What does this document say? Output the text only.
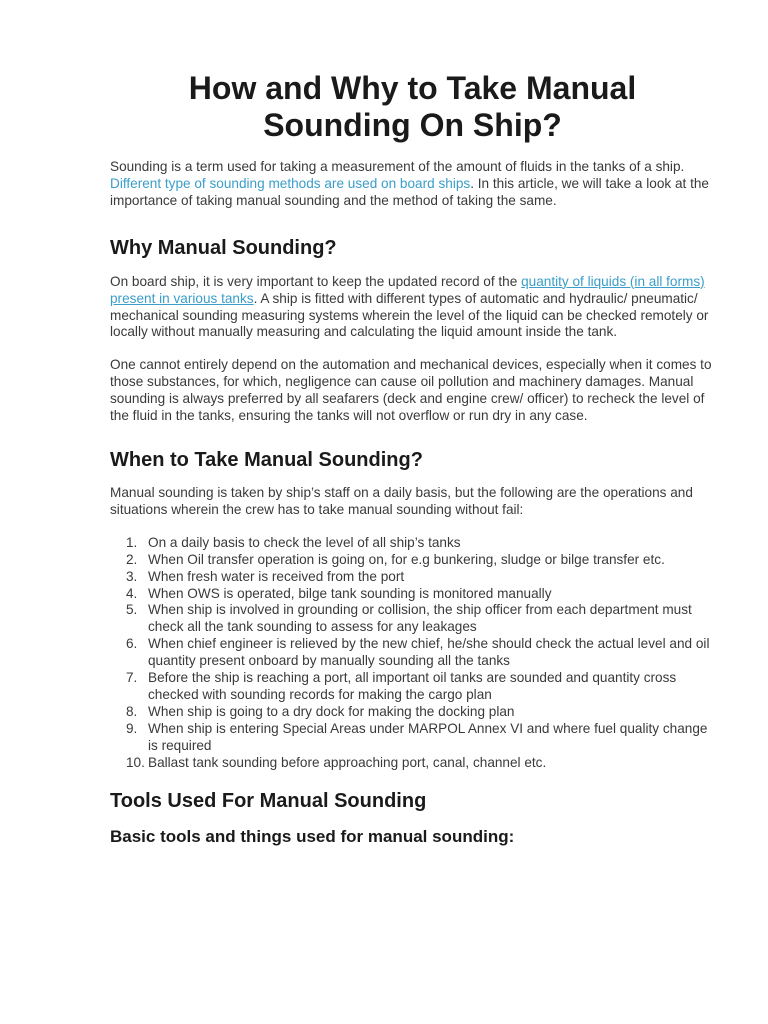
How and Why to Take Manual Sounding On Ship?

Sounding is a term used for taking a measurement of the amount of fluids in the tanks of a ship. Different type of sounding methods are used on board ships. In this article, we will take a look at the importance of taking manual sounding and the method of taking the same.

Why Manual Sounding?

On board ship, it is very important to keep the updated record of the quantity of liquids (in all forms) present in various tanks. A ship is fitted with different types of automatic and hydraulic/ pneumatic/ mechanical sounding measuring systems wherein the level of the liquid can be checked remotely or locally without manually measuring and calculating the liquid amount inside the tank.

One cannot entirely depend on the automation and mechanical devices, especially when it comes to those substances, for which, negligence can cause oil pollution and machinery damages. Manual sounding is always preferred by all seafarers (deck and engine crew/ officer) to recheck the level of the fluid in the tanks, ensuring the tanks will not overflow or run dry in any case.

When to Take Manual Sounding?

Manual sounding is taken by ship’s staff on a daily basis, but the following are the operations and situations wherein the crew has to take manual sounding without fail:

1. On a daily basis to check the level of all ship’s tanks
2. When Oil transfer operation is going on, for e.g bunkering, sludge or bilge transfer etc.
3. When fresh water is received from the port
4. When OWS is operated, bilge tank sounding is monitored manually
5. When ship is involved in grounding or collision, the ship officer from each department must check all the tank sounding to assess for any leakages
6. When chief engineer is relieved by the new chief, he/she should check the actual level and oil quantity present onboard by manually sounding all the tanks
7. Before the ship is reaching a port, all important oil tanks are sounded and quantity cross checked with sounding records for making the cargo plan
8. When ship is going to a dry dock for making the docking plan
9. When ship is entering Special Areas under MARPOL Annex VI and where fuel quality change is required
10. Ballast tank sounding before approaching port, canal, channel etc.
Tools Used For Manual Sounding
Basic tools and things used for manual sounding:
